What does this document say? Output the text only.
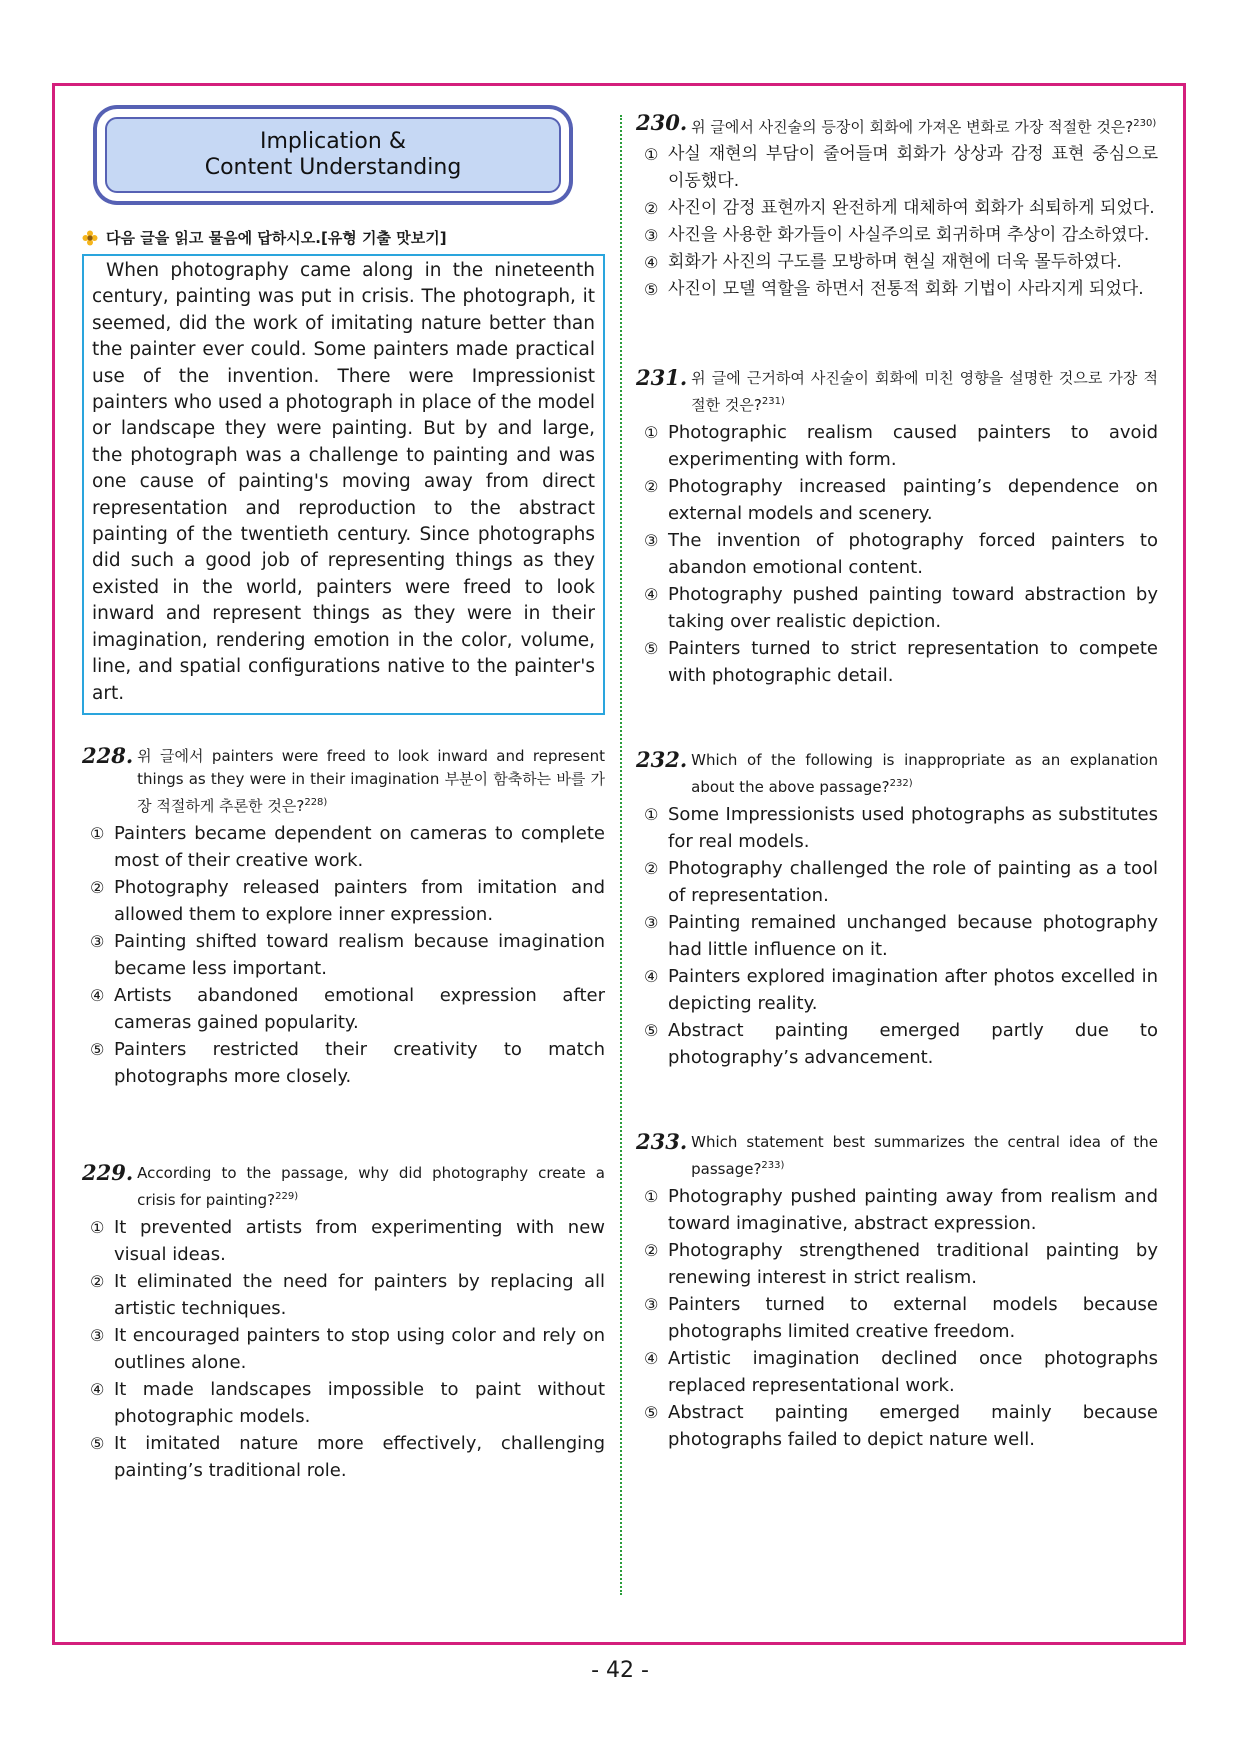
Implication &
Content Understanding
다음 글을 읽고 물음에 답하시오.[유형 기출 맛보기]
When photography came along in the nineteenth century, painting was put in crisis. The photograph, it seemed, did the work of imitating nature better than the painter ever could. Some painters made practical use of the invention. There were Impressionist painters who used a photograph in place of the model or landscape they were painting. But by and large, the photograph was a challenge to painting and was one cause of painting's moving away from direct representation and reproduction to the abstract painting of the twentieth century. Since photographs did such a good job of representing things as they existed in the world, painters were freed to look inward and represent things as they were in their imagination, rendering emotion in the color, volume, line, and spatial configurations native to the painter's art.
228. 위 글에서 painters were freed to look inward and represent things as they were in their imagination 부분이 함축하는 바를 가장 적절하게 추론한 것은?$^{228)}$
① Painters became dependent on cameras to complete most of their creative work.
② Photography released painters from imitation and allowed them to explore inner expression.
③ Painting shifted toward realism because imagination became less important.
④ Artists abandoned emotional expression after cameras gained popularity.
⑤ Painters restricted their creativity to match photographs more closely.
229. According to the passage, why did photography create a crisis for painting?$^{229)}$
① It prevented artists from experimenting with new visual ideas.
② It eliminated the need for painters by replacing all artistic techniques.
③ It encouraged painters to stop using color and rely on outlines alone.
④ It made landscapes impossible to paint without photographic models.
⑤ It imitated nature more effectively, challenging painting’s traditional role.
230. 위 글에서 사진술의 등장이 회화에 가져온 변화로 가장 적절한 것은?$^{230)}$
① 사실 재현의 부담이 줄어들며 회화가 상상과 감정 표현 중심으로 이동했다.
② 사진이 감정 표현까지 완전하게 대체하여 회화가 쇠퇴하게 되었다.
③ 사진을 사용한 화가들이 사실주의로 회귀하며 추상이 감소하였다.
④ 회화가 사진의 구도를 모방하며 현실 재현에 더욱 몰두하였다.
⑤ 사진이 모델 역할을 하면서 전통적 회화 기법이 사라지게 되었다.
231. 위 글에 근거하여 사진술이 회화에 미친 영향을 설명한 것으로 가장 적절한 것은?$^{231)}$
① Photographic realism caused painters to avoid experimenting with form.
② Photography increased painting’s dependence on external models and scenery.
③ The invention of photography forced painters to abandon emotional content.
④ Photography pushed painting toward abstraction by taking over realistic depiction.
⑤ Painters turned to strict representation to compete with photographic detail.
232. Which of the following is inappropriate as an explanation about the above passage?$^{232)}$
① Some Impressionists used photographs as substitutes for real models.
② Photography challenged the role of painting as a tool of representation.
③ Painting remained unchanged because photography had little influence on it.
④ Painters explored imagination after photos excelled in depicting reality.
⑤ Abstract painting emerged partly due to photography’s advancement.
233. Which statement best summarizes the central idea of the passage?$^{233)}$
① Photography pushed painting away from realism and toward imaginative, abstract expression.
② Photography strengthened traditional painting by renewing interest in strict realism.
③ Painters turned to external models because photographs limited creative freedom.
④ Artistic imagination declined once photographs replaced representational work.
⑤ Abstract painting emerged mainly because photographs failed to depict nature well.
- 42 -
